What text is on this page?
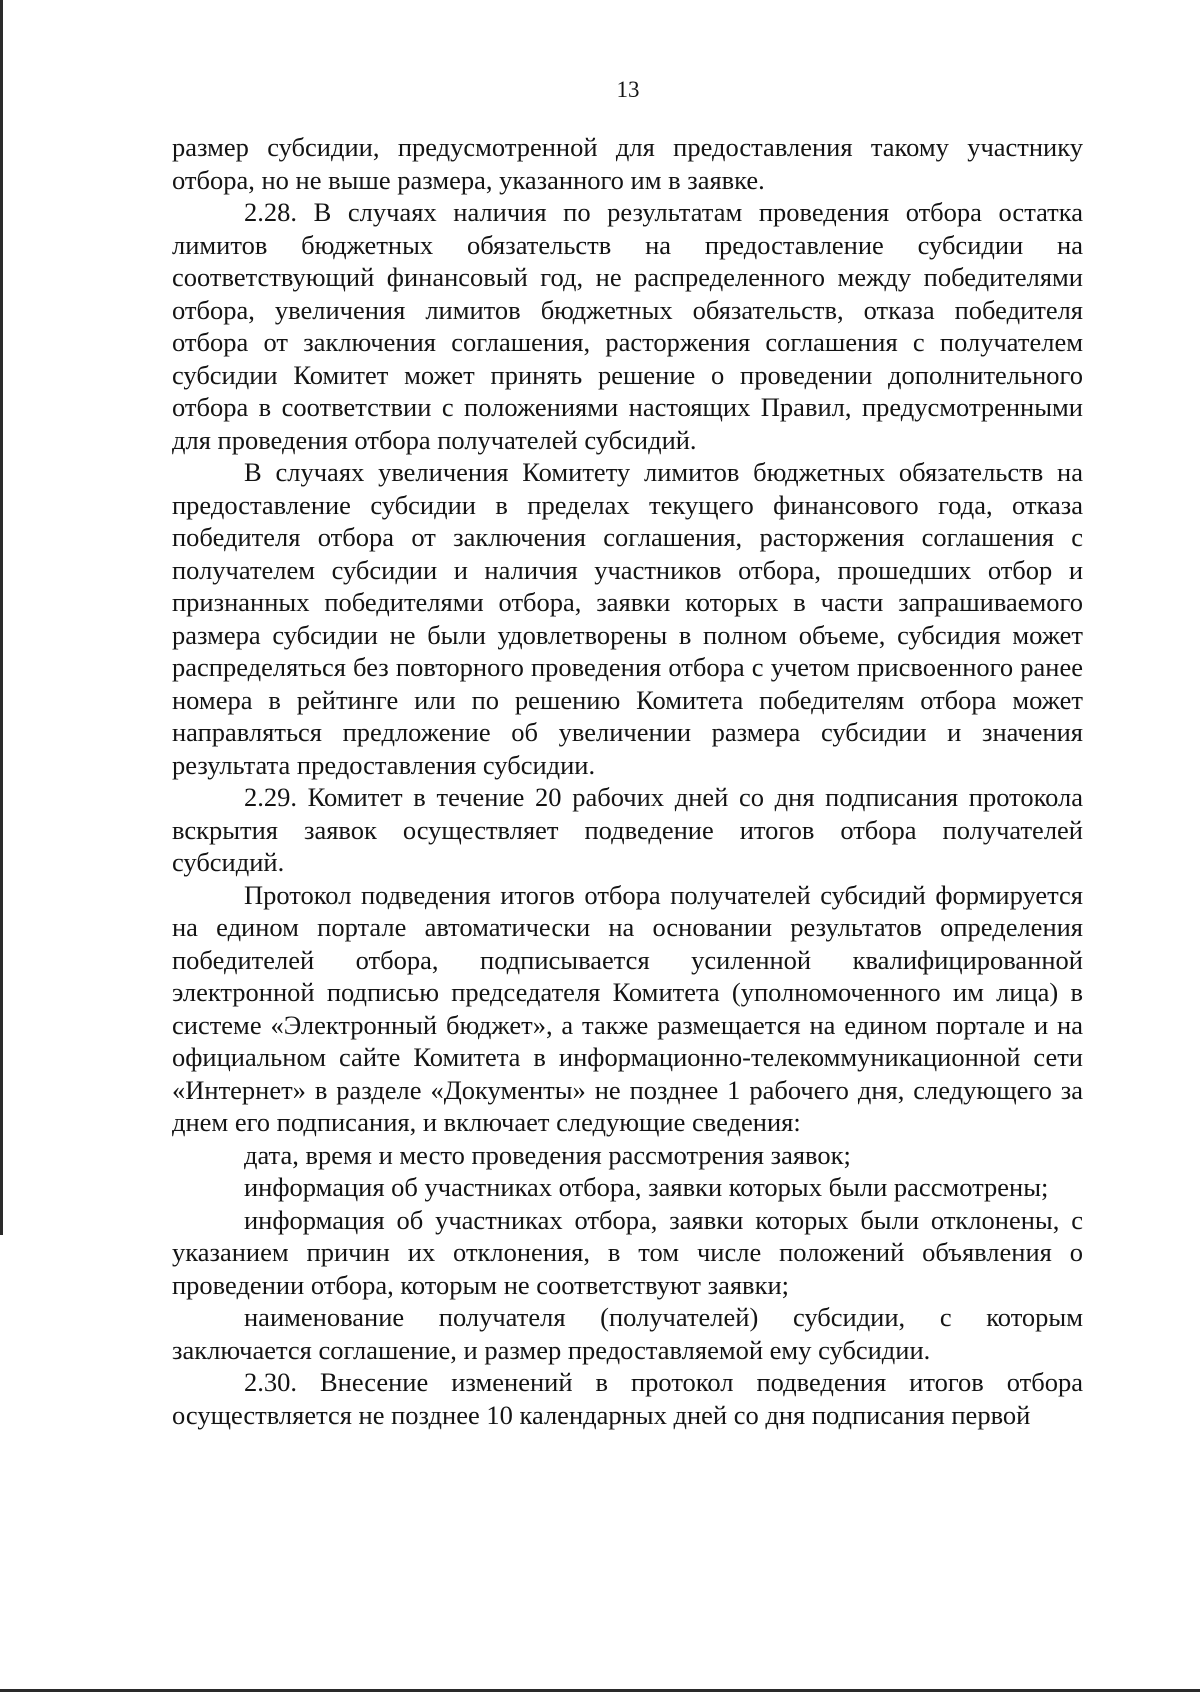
13

размер субсидии, предусмотренной для предоставления такому участнику отбора, но не выше размера, указанного им в заявке.

2.28. В случаях наличия по результатам проведения отбора остатка лимитов бюджетных обязательств на предоставление субсидии на соответствующий финансовый год, не распределенного между победителями отбора, увеличения лимитов бюджетных обязательств, отказа победителя отбора от заключения соглашения, расторжения соглашения с получателем субсидии Комитет может принять решение о проведении дополнительного отбора в соответствии с положениями настоящих Правил, предусмотренными для проведения отбора получателей субсидий.

В случаях увеличения Комитету лимитов бюджетных обязательств на предоставление субсидии в пределах текущего финансового года, отказа победителя отбора от заключения соглашения, расторжения соглашения с получателем субсидии и наличия участников отбора, прошедших отбор и признанных победителями отбора, заявки которых в части запрашиваемого размера субсидии не были удовлетворены в полном объеме, субсидия может распределяться без повторного проведения отбора с учетом присвоенного ранее номера в рейтинге или по решению Комитета победителям отбора может направляться предложение об увеличении размера субсидии и значения результата предоставления субсидии.

2.29. Комитет в течение 20 рабочих дней со дня подписания протокола вскрытия заявок осуществляет подведение итогов отбора получателей субсидий.

Протокол подведения итогов отбора получателей субсидий формируется на едином портале автоматически на основании результатов определения победителей отбора, подписывается усиленной квалифицированной электронной подписью председателя Комитета (уполномоченного им лица) в системе «Электронный бюджет», а также размещается на едином портале и на официальном сайте Комитета в информационно-телекоммуникационной сети «Интернет» в разделе «Документы» не позднее 1 рабочего дня, следующего за днем его подписания, и включает следующие сведения:

дата, время и место проведения рассмотрения заявок;

информация об участниках отбора, заявки которых были рассмотрены;

информация об участниках отбора, заявки которых были отклонены, с указанием причин их отклонения, в том числе положений объявления о проведении отбора, которым не соответствуют заявки;

наименование получателя (получателей) субсидии, с которым заключается соглашение, и размер предоставляемой ему субсидии.

2.30. Внесение изменений в протокол подведения итогов отбора осуществляется не позднее 10 календарных дней со дня подписания первой
